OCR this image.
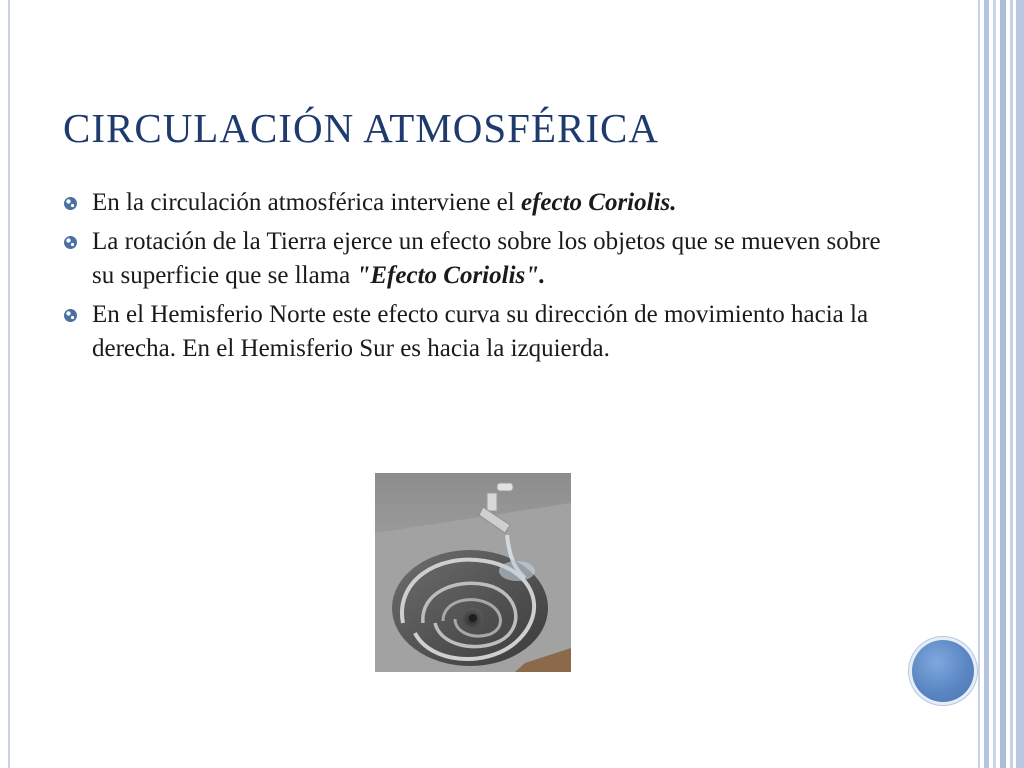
CIRCULACIÓN ATMOSFÉRICA
En la circulación atmosférica interviene el efecto Coriolis.
La rotación de la Tierra ejerce un efecto sobre los objetos que se mueven sobre su superficie que se llama "Efecto Coriolis".
En el Hemisferio Norte este efecto curva su dirección de movimiento hacia la derecha. En el Hemisferio Sur es hacia la izquierda.
